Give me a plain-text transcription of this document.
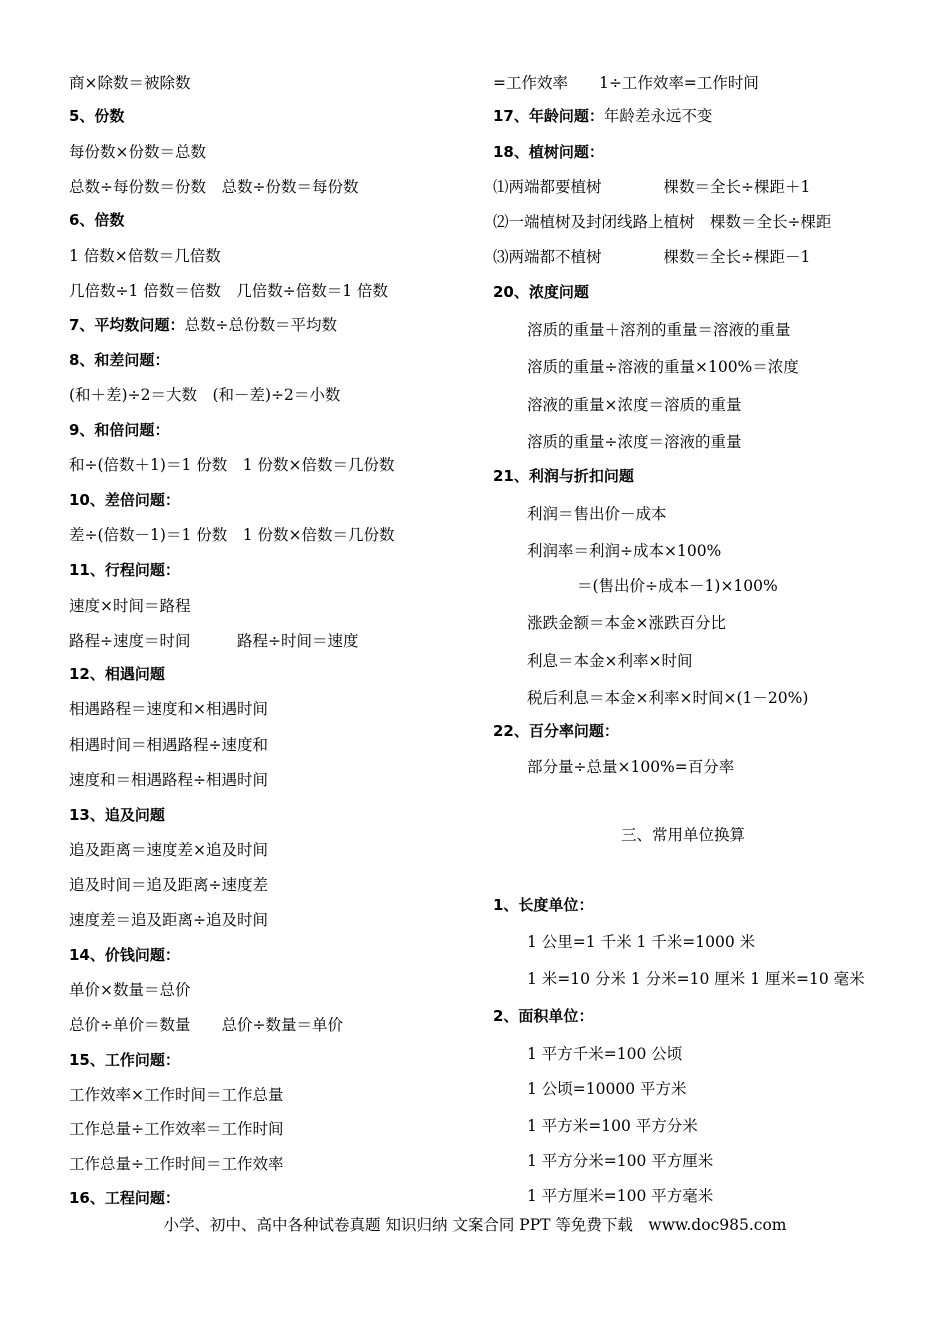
商×除数＝被除数
5、份数
每份数×份数＝总数
总数÷每份数＝份数　总数÷份数＝每份数
6、倍数
1 倍数×倍数＝几倍数
几倍数÷1 倍数＝倍数　几倍数÷倍数＝1 倍数
7、平均数问题：总数÷总份数＝平均数
8、和差问题：
(和＋差)÷2＝大数　(和－差)÷2＝小数
9、和倍问题：
和÷(倍数＋1)＝1 份数　1 份数×倍数＝几份数
10、差倍问题：
差÷(倍数－1)＝1 份数　1 份数×倍数＝几份数
11、行程问题：
速度×时间＝路程
路程÷速度＝时间　　　路程÷时间＝速度
12、相遇问题
相遇路程＝速度和×相遇时间
相遇时间＝相遇路程÷速度和
速度和＝相遇路程÷相遇时间
13、追及问题
追及距离＝速度差×追及时间
追及时间＝追及距离÷速度差
速度差＝追及距离÷追及时间
14、价钱问题：
单价×数量＝总价
总价÷单价＝数量　　总价÷数量＝单价
15、工作问题：
工作效率×工作时间＝工作总量
工作总量÷工作效率＝工作时间
工作总量÷工作时间＝工作效率
16、工程问题：
=工作效率　　1÷工作效率=工作时间
17、年龄问题：年龄差永远不变
18、植树问题：
⑴两端都要植树　　　　棵数＝全长÷棵距＋1
⑵一端植树及封闭线路上植树　棵数＝全长÷棵距
⑶两端都不植树　　　　棵数＝全长÷棵距－1
20、浓度问题
溶质的重量＋溶剂的重量＝溶液的重量
溶质的重量÷溶液的重量×100%＝浓度
溶液的重量×浓度＝溶质的重量
溶质的重量÷浓度＝溶液的重量
21、利润与折扣问题
利润＝售出价－成本
利润率＝利润÷成本×100%
＝(售出价÷成本－1)×100%
涨跌金额＝本金×涨跌百分比
利息＝本金×利率×时间
税后利息＝本金×利率×时间×(1－20%)
22、百分率问题：
部分量÷总量×100%=百分率
三、常用单位换算
1、长度单位：
1 公里=1 千米 1 千米=1000 米
1 米=10 分米 1 分米=10 厘米 1 厘米=10 毫米
2、面积单位：
1 平方千米=100 公顷
1 公顷=10000 平方米
1 平方米=100 平方分米
1 平方分米=100 平方厘米
1 平方厘米=100 平方毫米
小学、初中、高中各种试卷真题 知识归纳 文案合同 PPT 等免费下载　www.doc985.com
